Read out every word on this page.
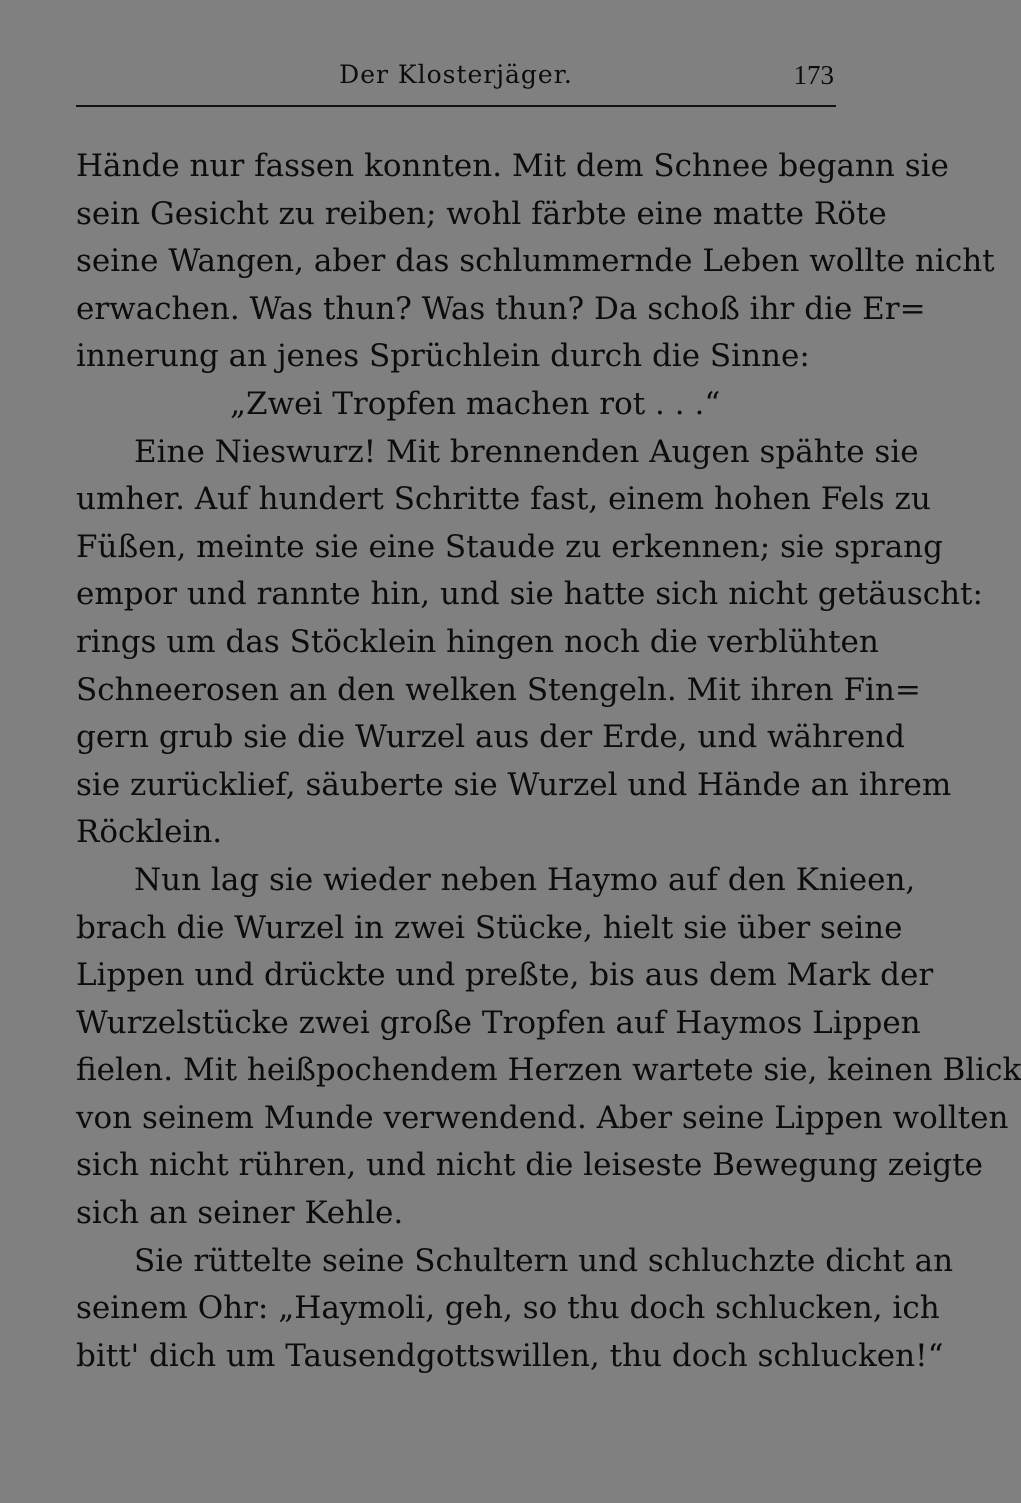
Der Klosterjäger.	173
Hände nur fassen konnten. Mit dem Schnee begann sie
sein Gesicht zu reiben; wohl färbte eine matte Röte
seine Wangen, aber das schlummernde Leben wollte nicht
erwachen. Was thun? Was thun? Da schoß ihr die Er=
innerung an jenes Sprüchlein durch die Sinne:
„Zwei Tropfen machen rot . . .“
Eine Nieswurz! Mit brennenden Augen spähte sie
umher. Auf hundert Schritte fast, einem hohen Fels zu
Füßen, meinte sie eine Staude zu erkennen; sie sprang
empor und rannte hin, und sie hatte sich nicht getäuscht:
rings um das Stöcklein hingen noch die verblühten
Schneerosen an den welken Stengeln. Mit ihren Fin=
gern grub sie die Wurzel aus der Erde, und während
sie zurücklief, säuberte sie Wurzel und Hände an ihrem
Röcklein.
Nun lag sie wieder neben Haymo auf den Knieen,
brach die Wurzel in zwei Stücke, hielt sie über seine
Lippen und drückte und preßte, bis aus dem Mark der
Wurzelstücke zwei große Tropfen auf Haymos Lippen
fielen. Mit heißpochendem Herzen wartete sie, keinen Blick
von seinem Munde verwendend. Aber seine Lippen wollten
sich nicht rühren, und nicht die leiseste Bewegung zeigte
sich an seiner Kehle.
Sie rüttelte seine Schultern und schluchzte dicht an
seinem Ohr: „Haymoli, geh, so thu doch schlucken, ich
bitt' dich um Tausendgottswillen, thu doch schlucken!“
